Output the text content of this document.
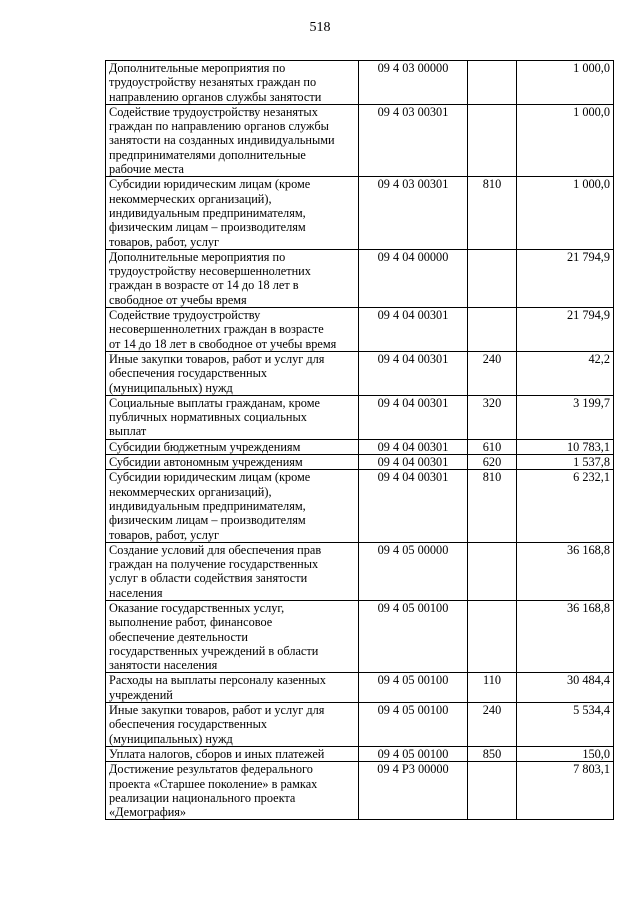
518
Дополнительные мероприятия по
трудоустройству незанятых граждан по
направлению органов службы занятости	09 4 03 00000		1 000,0

Содействие трудоустройству незанятых
граждан по направлению органов службы
занятости на созданных индивидуальными
предпринимателями дополнительные
рабочие места	09 4 03 00301		1 000,0

Субсидии юридическим лицам (кроме
некоммерческих организаций),
индивидуальным предпринимателям,
физическим лицам – производителям
товаров, работ, услуг	09 4 03 00301	810	1 000,0

Дополнительные мероприятия по
трудоустройству несовершеннолетних
граждан в возрасте от 14 до 18 лет в
свободное от учебы время	09 4 04 00000		21 794,9

Содействие трудоустройству
несовершеннолетних граждан в возрасте
от 14 до 18 лет в свободное от учебы время	09 4 04 00301		21 794,9

Иные закупки товаров, работ и услуг для
обеспечения государственных
(муниципальных) нужд	09 4 04 00301	240	42,2

Социальные выплаты гражданам, кроме
публичных нормативных социальных
выплат	09 4 04 00301	320	3 199,7

Субсидии бюджетным учреждениям	09 4 04 00301	610	10 783,1

Субсидии автономным учреждениям	09 4 04 00301	620	1 537,8

Субсидии юридическим лицам (кроме
некоммерческих организаций),
индивидуальным предпринимателям,
физическим лицам – производителям
товаров, работ, услуг	09 4 04 00301	810	6 232,1

Создание условий для обеспечения прав
граждан на получение государственных
услуг в области содействия занятости
населения	09 4 05 00000		36 168,8

Оказание государственных услуг,
выполнение работ, финансовое
обеспечение деятельности
государственных учреждений в области
занятости населения	09 4 05 00100		36 168,8

Расходы на выплаты персоналу казенных
учреждений	09 4 05 00100	110	30 484,4

Иные закупки товаров, работ и услуг для
обеспечения государственных
(муниципальных) нужд	09 4 05 00100	240	5 534,4

Уплата налогов, сборов и иных платежей	09 4 05 00100	850	150,0

Достижение результатов федерального
проекта «Старшее поколение» в рамках
реализации национального проекта
«Демография»	09 4 Р3 00000		7 803,1
